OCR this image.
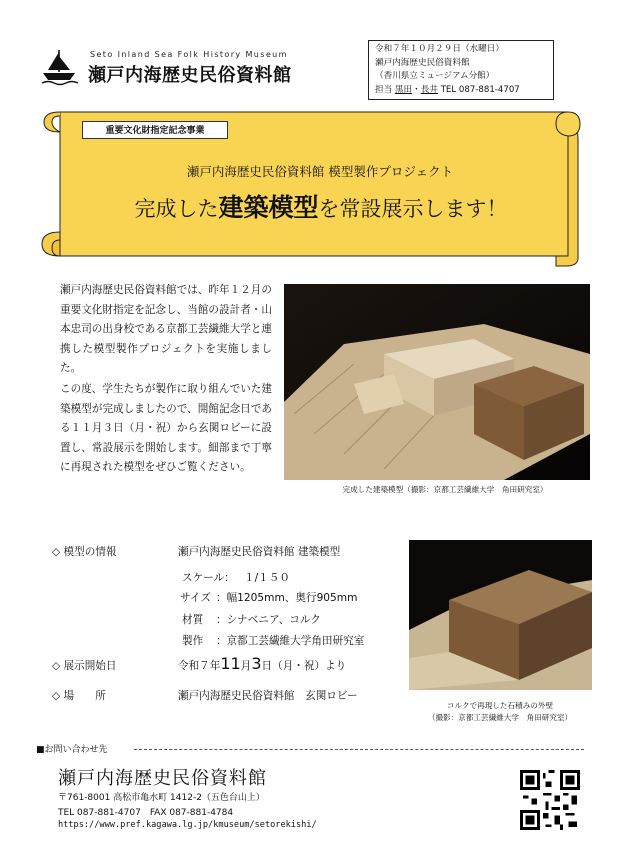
Seto Inland Sea Folk History Museum
瀬戸内海歴史民俗資料館
令和７年１０月２９日（水曜日）
瀬戸内海歴史民俗資料館
（香川県立ミュージアム分館）
担当 黒田・長井 TEL 087-881-4707
重要文化財指定記念事業
瀬戸内海歴史民俗資料館 模型製作プロジェクト
完成した建築模型を常設展示します！
瀬戸内海歴史民俗資料館では、昨年１２月の重要文化財指定を記念し、当館の設計者・山本忠司の出身校である京都工芸繊維大学と連携した模型製作プロジェクトを実施しました。
この度、学生たちが製作に取り組んでいた建築模型が完成しましたので、開館記念日である１１月３日（月・祝）から玄関ロビーに設置し、常設展示を開始します。細部まで丁寧に再現された模型をぜひご覧ください。
完成した建築模型（撮影：京都工芸繊維大学　角田研究室）
◇ 模型の情報	瀬戸内海歴史民俗資料館 建築模型
スケール： １/１５０
サイズ ：幅1205mm、奥行905mm
材質 ：シナベニア、コルク
製作 ：京都工芸繊維大学角田研究室
◇ 展示開始日	令和７年11月3日（月・祝）より
◇ 場　　所	瀬戸内海歴史民俗資料館　玄関ロビー
コルクで再現した石積みの外壁
（撮影：京都工芸繊維大学　角田研究室）
■お問い合わせ先
瀬戸内海歴史民俗資料館
〒761-8001 高松市亀水町 1412-2（五色台山上）
TEL 087-881-4707　FAX 087-881-4784
https://www.pref.kagawa.lg.jp/kmuseum/setorekishi/
